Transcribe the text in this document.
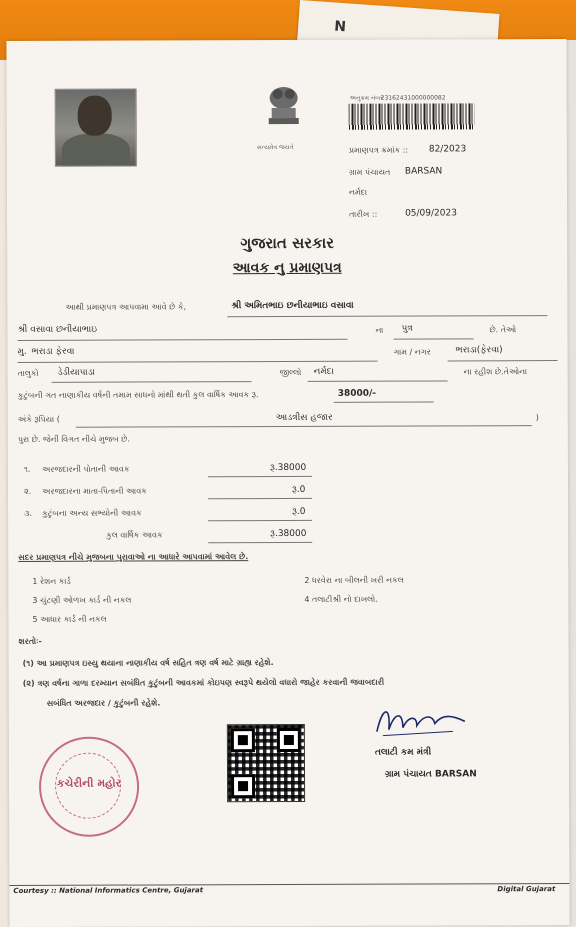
N
સત્યમેવ જયતે
અનુક્રમ નંબર
23162431000000082
પ્રમાણપત્ર ક્રમાંક :: 82/2023
ગ્રામ પંચાયત BARSAN
નર્મદા
તારીખ ::	05/09/2023
ગુજરાત સરકાર
આવક નુ પ્રમાણપત્ર
આથી પ્રમાણપત્ર આપવામા આવે છે કે,	શ્રી અમિતભાઇ છનીયાભાઇ વસાવા
શ્રી વસાવા છનીયાભાઇ	ના પુત્ર	છે. તેઓ
મુ. ભરાડા ફેરવા	ગામ / નગર	ભરાડા(ફેરવા)
તાલુકો ડેડીયાપાડા	જીલ્લો નર્મદા	ના રહીશ છે.તેઓના
કુટુંબની ગત નાણાકીય વર્ષની તમામ સાધનો માંથી થતી કુલ વાર્ષિક આવક રૂ.	38000/-
અંકે રૂપિયા (	આડત્રીસ હજાર	)
પુરા છે. જેની વિગત નીચે મુજબ છે.
૧. અરજદારની પોતાની આવક	રૂ.38000
૨. અરજદારના માતા-પિતાની આવક	રૂ.0
૩. કુટુંબના અન્ય સભ્યોની આવક	રૂ.0
કુલ વાર્ષિક આવક	રૂ.38000
સદર પ્રમાણપત્ર નીચે મુજબના પુરાવાઓ ના આધારે આપવામાં આવેલ છે.
1 રેશન કાર્ડ	2 ધરવેરા ના બીલની ખરી નકલ
3 ચુંટણી ઓળખ કાર્ડ ની નકલ	4 તલાટીશ્રી નો દાખલો.
5 આધાર કાર્ડ ની નકલ
શરતોઃ-
(૧) આ પ્રમાણપત્ર ઇસ્યુ થયાના નાણાકીય વર્ષ સહિત ત્રણ વર્ષ માટે ગ્રાહ્ય રહેશે.
(૨) ત્રણ વર્ષના ગાળા દરમ્યાન સબંધિત કુટુંબની આવકમાં કોઇપણ સ્વરૂપે થયેલો વધારો જાહેર કરવાની જવાબદારી
સબંધિત અરજદાર / કુટુંબની રહેશે.
કચેરીની મહોર
તલાટી કમ મંત્રી
ગ્રામ પંચાયત BARSAN
Courtesy :: National Informatics Centre, Gujarat	Digital Gujarat
